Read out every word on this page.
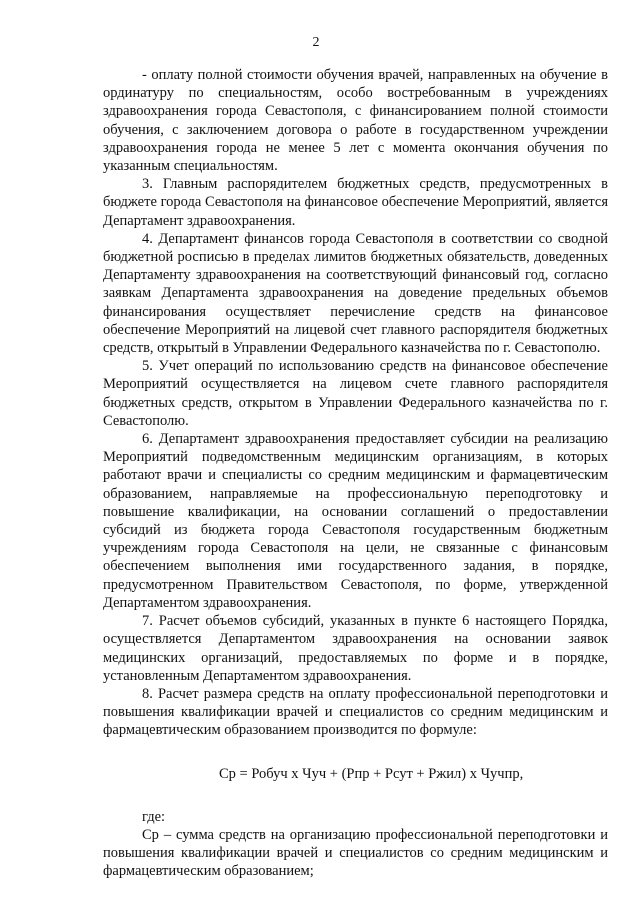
2

- оплату полной стоимости обучения врачей, направленных на обучение в ординатуру по специальностям, особо востребованным в учреждениях здравоохранения города Севастополя, с финансированием полной стоимости обучения, с заключением договора о работе в государственном учреждении здравоохранения города не менее 5 лет с момента окончания обучения по указанным специальностям.

3. Главным распорядителем бюджетных средств, предусмотренных в бюджете города Севастополя на финансовое обеспечение Мероприятий, является Департамент здравоохранения.

4. Департамент финансов города Севастополя в соответствии со сводной бюджетной росписью в пределах лимитов бюджетных обязательств, доведенных Департаменту здравоохранения на соответствующий финансовый год, согласно заявкам Департамента здравоохранения на доведение предельных объемов финансирования осуществляет перечисление средств на финансовое обеспечение Мероприятий на лицевой счет главного распорядителя бюджетных средств, открытый в Управлении Федерального казначейства по г. Севастополю.

5. Учет операций по использованию средств на финансовое обеспечение Мероприятий осуществляется на лицевом счете главного распорядителя бюджетных средств, открытом в Управлении Федерального казначейства по г. Севастополю.

6. Департамент здравоохранения предоставляет субсидии на реализацию Мероприятий подведомственным медицинским организациям, в которых работают врачи и специалисты со средним медицинским и фармацевтическим образованием, направляемые на профессиональную переподготовку и повышение квалификации, на основании соглашений о предоставлении субсидий из бюджета города Севастополя государственным бюджетным учреждениям города Севастополя на цели, не связанные с финансовым обеспечением выполнения ими государственного задания, в порядке, предусмотренном Правительством Севастополя, по форме, утвержденной Департаментом здравоохранения.

7. Расчет объемов субсидий, указанных в пункте 6 настоящего Порядка, осуществляется Департаментом здравоохранения на основании заявок медицинских организаций, предоставляемых по форме и в порядке, установленным Департаментом здравоохранения.

8. Расчет размера средств на оплату профессиональной переподготовки и повышения квалификации врачей и специалистов со средним медицинским и фармацевтическим образованием производится по формуле:

Ср = Робуч х Чуч + (Рпр + Рсут + Ржил) х Чучпр,

где:

Ср – сумма средств на организацию профессиональной переподготовки и повышения квалификации врачей и специалистов со средним медицинским и фармацевтическим образованием;
